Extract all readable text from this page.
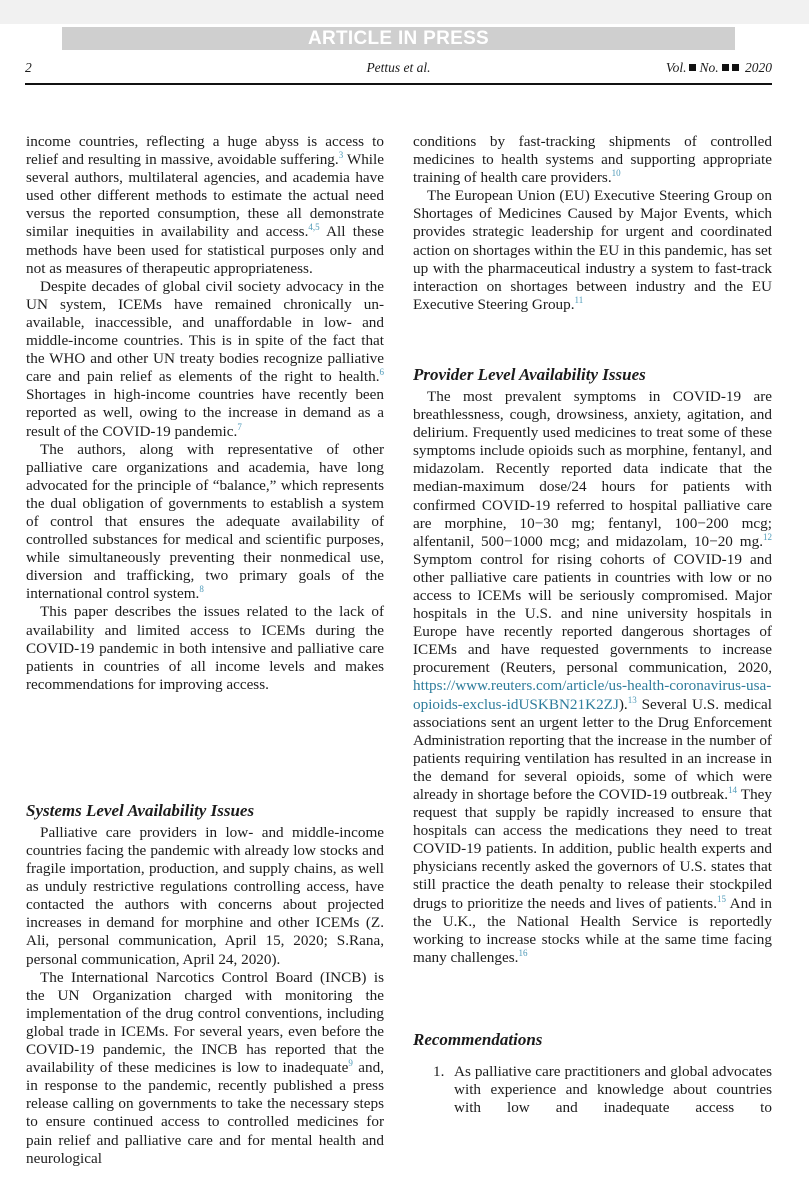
ARTICLE IN PRESS
2	Pettus et al.	Vol. No. 2020

income countries, reflecting a huge abyss is access to relief and resulting in massive, avoidable suffering.$^3$ While several authors, multilateral agencies, and academia have used other different methods to estimate the actual need versus the reported consumption, these all demonstrate similar inequities in availability and access.$^{4,5}$ All these methods have been used for statistical purposes only and not as measures of therapeutic appropriateness.

Despite decades of global civil society advocacy in the UN system, ICEMs have remained chronically unavailable, inaccessible, and unaffordable in low- and middle-income countries. This is in spite of the fact that the WHO and other UN treaty bodies recognize palliative care and pain relief as elements of the right to health.$^6$ Shortages in high-income countries have recently been reported as well, owing to the increase in demand as a result of the COVID-19 pandemic.$^7$

The authors, along with representative of other palliative care organizations and academia, have long advocated for the principle of “balance,” which represents the dual obligation of governments to establish a system of control that ensures the adequate availability of controlled substances for medical and scientific purposes, while simultaneously preventing their nonmedical use, diversion and trafficking, two primary goals of the international control system.$^8$

This paper describes the issues related to the lack of availability and limited access to ICEMs during the COVID-19 pandemic in both intensive and palliative care patients in countries of all income levels and makes recommendations for improving access.

Systems Level Availability Issues

Palliative care providers in low- and middle-income countries facing the pandemic with already low stocks and fragile importation, production, and supply chains, as well as unduly restrictive regulations controlling access, have contacted the authors with concerns about projected increases in demand for morphine and other ICEMs (Z. Ali, personal communication, April 15, 2020; S.Rana, personal communication, April 24, 2020).

The International Narcotics Control Board (INCB) is the UN Organization charged with monitoring the implementation of the drug control conventions, including global trade in ICEMs. For several years, even before the COVID-19 pandemic, the INCB has reported that the availability of these medicines is low to inadequate$^9$ and, in response to the pandemic, recently published a press release calling on governments to take the necessary steps to ensure continued access to controlled medicines for pain relief and palliative care and for mental health and neurological

conditions by fast-tracking shipments of controlled medicines to health systems and supporting appropriate training of health care providers.$^{10}$

The European Union (EU) Executive Steering Group on Shortages of Medicines Caused by Major Events, which provides strategic leadership for urgent and coordinated action on shortages within the EU in this pandemic, has set up with the pharmaceutical industry a system to fast-track interaction on shortages between industry and the EU Executive Steering Group.$^{11}$

Provider Level Availability Issues

The most prevalent symptoms in COVID-19 are breathlessness, cough, drowsiness, anxiety, agitation, and delirium. Frequently used medicines to treat some of these symptoms include opioids such as morphine, fentanyl, and midazolam. Recently reported data indicate that the median-maximum dose/24 hours for patients with confirmed COVID-19 referred to hospital palliative care are morphine, 10−30 mg; fentanyl, 100−200 mcg; alfentanil, 500−1000 mcg; and midazolam, 10−20 mg.$^{12}$ Symptom control for rising cohorts of COVID-19 and other palliative care patients in countries with low or no access to ICEMs will be seriously compromised. Major hospitals in the U.S. and nine university hospitals in Europe have recently reported dangerous shortages of ICEMs and have requested governments to increase procurement (Reuters, personal communication, 2020, https://www.reuters.com/article/us-health-coronavirus-usa-opioids-exclus-idUSKBN21K2ZJ).$^{13}$ Several U.S. medical associations sent an urgent letter to the Drug Enforcement Administration reporting that the increase in the number of patients requiring ventilation has resulted in an increase in the demand for several opioids, some of which were already in shortage before the COVID-19 outbreak.$^{14}$ They request that supply be rapidly increased to ensure that hospitals can access the medications they need to treat COVID-19 patients. In addition, public health experts and physicians recently asked the governors of U.S. states that still practice the death penalty to release their stockpiled drugs to prioritize the needs and lives of patients.$^{15}$ And in the U.K., the National Health Service is reportedly working to increase stocks while at the same time facing many challenges.$^{16}$

Recommendations
1. As palliative care practitioners and global advocates with experience and knowledge about countries with low and inadequate access to
